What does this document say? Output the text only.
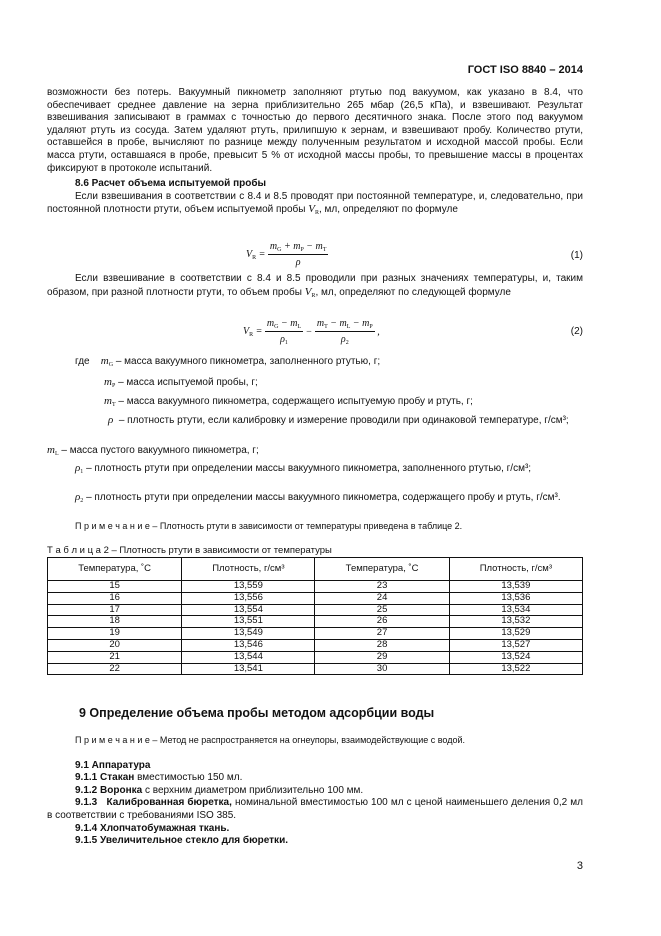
ГОСТ ISO 8840 – 2014

возможности без потерь. Вакуумный пикнометр заполняют ртутью под вакуумом, как указано в 8.4, что обеспечивает среднее давление на зерна приблизительно 265 мбар (26,5 кПа), и взвешивают. Результат взвешивания записывают в граммах с точностью до первого десятичного знака. После этого под вакуумом удаляют ртуть из сосуда. Затем удаляют ртуть, прилипшую к зернам, и взвешивают пробу. Количество ртути, оставшейся в пробе, вычисляют по разнице между полученным результатом и исходной массой пробы. Если масса ртути, оставшаяся в пробе, превысит 5 % от исходной массы пробы, то превышение массы в процентах фиксируют в протоколе испытаний.

8.6 Расчет объема испытуемой пробы

Если взвешивания в соответствии с 8.4 и 8.5 проводят при постоянной температуре, и, следовательно, при постоянной плотности ртути, объем испытуемой пробы $V_R$, мл, определяют по формуле

$V_R = \frac{m_G + m_P - m_T}{\rho}$	(1)

Если взвешивание в соответствии с 8.4 и 8.5 проводили при разных значениях температуры, и, таким образом, при разной плотности ртути, то объем пробы $V_R$, мл, определяют по следующей формуле

$V_R = \frac{m_G - m_L}{\rho_1} - \frac{m_T - m_L - m_P}{\rho_2}$ ,	(2)
где $m_G$ – масса вакуумного пикнометра, заполненного ртутью, г;
$m_P$ – масса испытуемой пробы, г;
$m_T$ – масса вакуумного пикнометра, содержащего испытуемую пробу и ртуть, г;
ρ – плотность ртути, если калибровку и измерение проводили при одинаковой температуре, г/см³;
$m_L$ – масса пустого вакуумного пикнометра, г;
$\rho_1$ – плотность ртути при определении массы вакуумного пикнометра, заполненного ртутью, г/см³;
$\rho_2$ – плотность ртути при определении массы вакуумного пикнометра, содержащего пробу и ртуть, г/см³.
П р и м е ч а н и е – Плотность ртути в зависимости от температуры приведена в таблице 2.
Т а б л и ц а 2 – Плотность ртути в зависимости от температуры
Температура, ˚С	Плотность, г/см³	Температура, ˚С	Плотность, г/см³
15	13,559	23	13,539
16	13,556	24	13,536
17	13,554	25	13,534
18	13,551	26	13,532
19	13,549	27	13,529
20	13,546	28	13,527
21	13,544	29	13,524
22	13,541	30	13,522
9 Определение объема пробы методом адсорбции воды

П р и м е ч а н и е – Метод не распространяется на огнеупоры, взаимодействующие с водой.

9.1 Аппаратура

9.1.1 Стакан вместимостью 150 мл.

9.1.2 Воронка с верхним диаметром приблизительно 100 мм.

9.1.3 Калиброванная бюретка, номинальной вместимостью 100 мл с ценой наименьшего деления 0,2 мл в соответствии с требованиями ISO 385.

9.1.4 Хлопчатобумажная ткань.

9.1.5 Увеличительное стекло для бюретки.

3
